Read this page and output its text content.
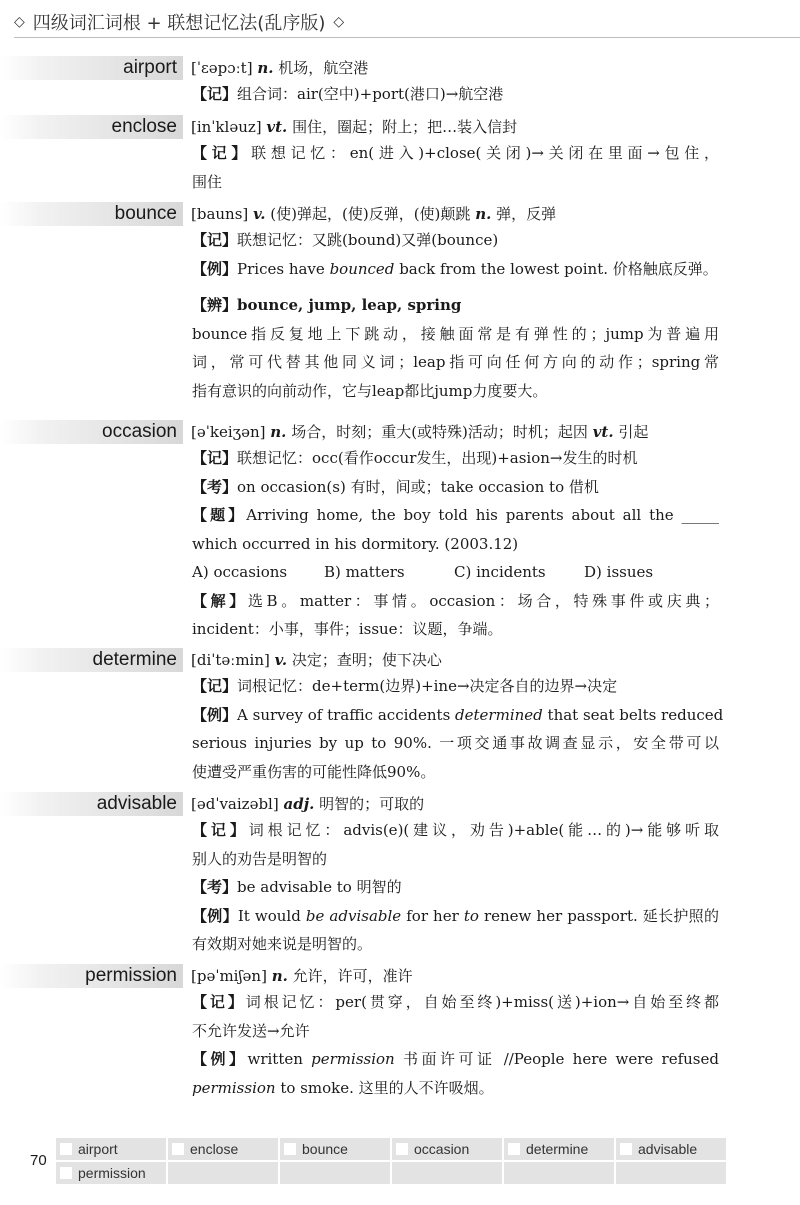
◇ 四级词汇词根 + 联想记忆法(乱序版) ◇
airport [ˈɛəpɔːt] n. 机场，航空港
【记】组合词：air(空中)+port(港口)→航空港
enclose [inˈkləuz] vt. 围住，圈起；附上；把…装入信封
【记】联想记忆：en(进入)+close(关闭)→关闭在里面→包住，
围住
bounce [bauns] v. (使)弹起，(使)反弹，(使)颠跳 n. 弹，反弹
【记】联想记忆：又跳(bound)又弹(bounce)
【例】Prices have bounced back from the lowest point. 价格触底反弹。
【辨】bounce, jump, leap, spring
bounce指反复地上下跳动，接触面常是有弹性的；jump为普遍用
词，常可代替其他同义词；leap指可向任何方向的动作；spring常
指有意识的向前动作，它与leap都比jump力度要大。
occasion [əˈkeiʒən] n. 场合，时刻；重大(或特殊)活动；时机；起因 vt. 引起
【记】联想记忆：occ(看作occur发生，出现)+asion→发生的时机
【考】on occasion(s) 有时，间或；take occasion to 借机
【题】Arriving home, the boy told his parents about all the _____
which occurred in his dormitory. (2003.12)
A) occasions	B) matters	C) incidents	D) issues
【解】选B。matter：事情。occasion：场合，特殊事件或庆典；
incident：小事，事件；issue：议题，争端。
determine [diˈtəːmin] v. 决定；查明；使下决心
【记】词根记忆：de+term(边界)+ine→决定各自的边界→决定
【例】A survey of traffic accidents determined that seat belts reduced
serious injuries by up to 90%. 一项交通事故调查显示，安全带可以
使遭受严重伤害的可能性降低90%。
advisable [ədˈvaizəbl] adj. 明智的；可取的
【记】词根记忆：advis(e)(建议，劝告)+able(能…的)→能够听取
别人的劝告是明智的
【考】be advisable to 明智的
【例】It would be advisable for her to renew her passport. 延长护照的
有效期对她来说是明智的。
permission [pəˈmiʃən] n. 允许，许可，准许
【记】词根记忆：per(贯穿，自始至终)+miss(送)+ion→自始至终都
不允许发送→允许
【例】written permission 书面许可证 //People here were refused
permission to smoke. 这里的人不许吸烟。
70
airport	enclose	bounce	occasion	determine	advisable
permission
